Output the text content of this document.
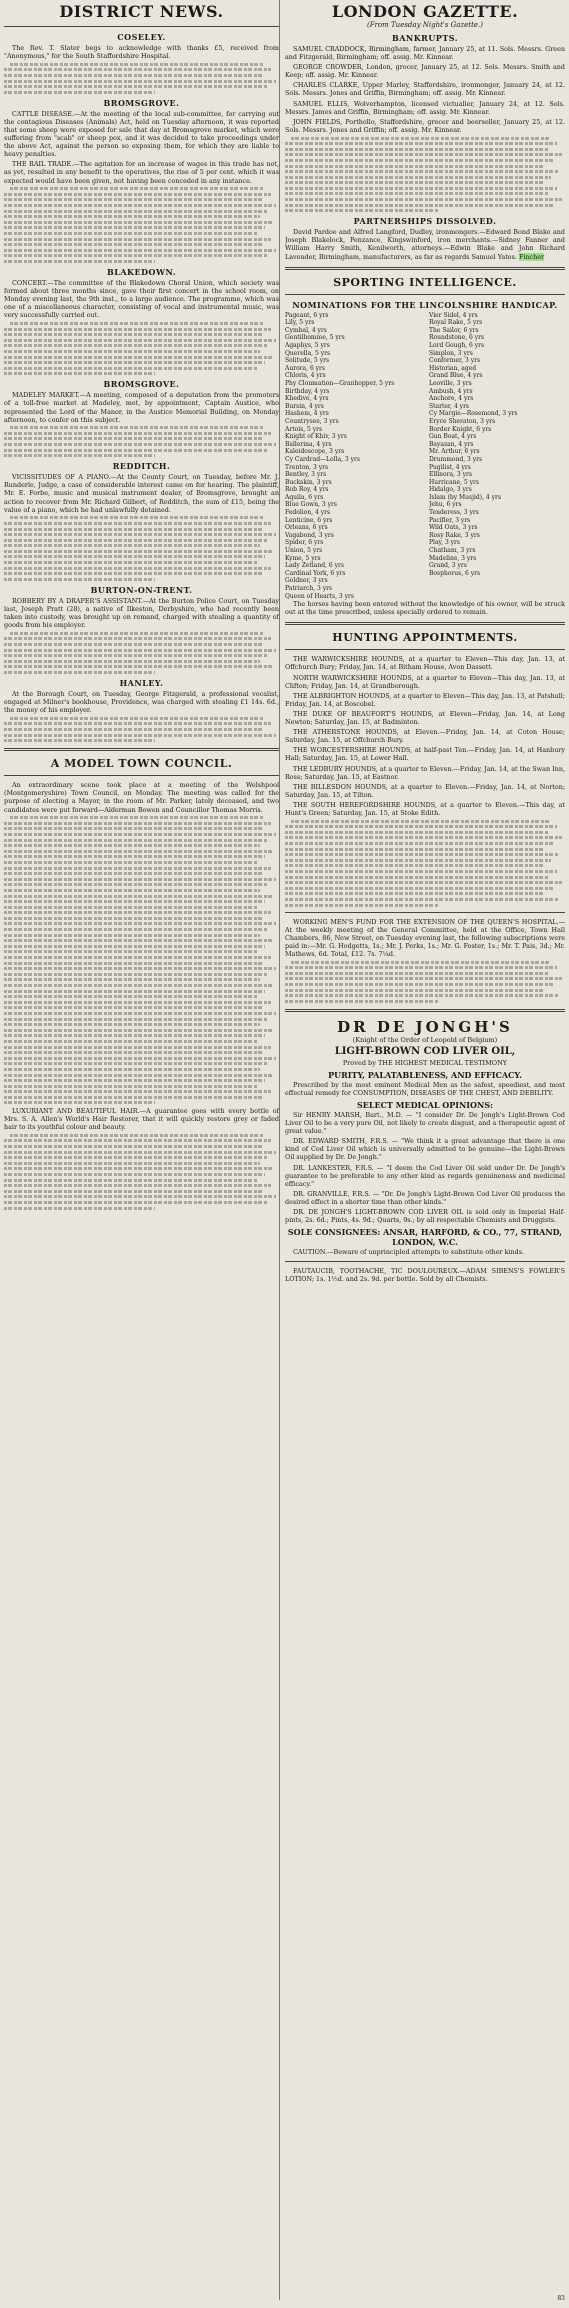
DISTRICT NEWS.
COSELEY.

The Rev. T. Slater begs to acknowledge with thanks £5, received from "Anonymous," for the South Staffordshire Hospital.

BROMSGROVE.

CATTLE DISEASE.—At the meeting of the local sub-committee, for carrying out the contagious Diseases (Animals) Act, held on Tuesday afternoon, it was reported that some sheep were exposed for sale that day at Bromsgrove market, which were suffering from "scab" or sheep pox, and it was decided to take proceedings under the above Act, against the person so exposing them, for which they are liable to heavy penalties.

THE RAIL TRADE.—The agitation for an increase of wages in this trade has not, as yet, resulted in any benefit to the operatives, the rise of 5 per cent. which it was expected would have been given, not having been conceded in any instance.

BLAKEDOWN.

CONCERT.—The committee of the Blakedown Choral Union, which society was formed about three months since, gave their first concert in the school room, on Monday evening last, the 9th inst., to a large audience. The programme, which was one of a miscellaneous character, consisting of vocal and instrumental music, was very successfully carried out.

BROMSGROVE.

MADELEY MARKET.—A meeting, composed of a deputation from the promoters of a toll-free market at Madeley, met, by appointment, Captain Austice, who represented the Lord of the Manor, in the Austice Memorial Building, on Monday afternoon, to confer on this subject.

REDDITCH.

VICISSITUDES OF A PIANO.—At the County Court, on Tuesday, before Mr. J. Runderle, Judge, a case of considerable interest came on for hearing. The plaintiff, Mr. E. Forbe, music and musical instrument dealer, of Bromsgrove, brought an action to recover from Mr. Richard Gilbert, of Redditch, the sum of £15, being the value of a piano, which he had unlawfully detained.

BURTON-ON-TRENT.

ROBBERY BY A DRAPER'S ASSISTANT.—At the Burton Police Court, on Tuesday last, Joseph Pratt (28), a native of Ilkeston, Derbyshire, who had recently been taken into custody, was brought up on remand, charged with stealing a quantity of goods from his employer.

HANLEY.

At the Borough Court, on Tuesday, George Fitzgerald, a professional vocalist, engaged at Milner's bookhouse, Providence, was charged with stealing £1 14s. 6d., the money of his employer.

A MODEL TOWN COUNCIL.

An extraordinary scene took place at a meeting of the Welshpool (Montgomeryshire) Town Council, on Monday. The meeting was called for the purpose of electing a Mayor, in the room of Mr. Parker, lately deceased, and two candidates were put forward—Alderman Bowen and Councillor Thomas Morris.

LUXURIANT AND BEAUTIFUL HAIR.—A guarantee goes with every bottle of Mrs. S. A. Allen's World's Hair Restorer, that it will quickly restore grey or faded hair to its youthful colour and beauty.

83
LONDON GAZETTE.
(From Tuesday Night's Gazette.)
BANKRUPTS.

SAMUEL CRADDOCK, Birmingham, farmer, January 25, at 11. Sols. Messrs. Green and Fitzgerald, Birmingham; off. assig. Mr. Kinnear.

GEORGE CROWDER, London, grocer, January 25, at 12. Sols. Messrs. Smith and Keep; off. assig. Mr. Kinnear.

CHARLES CLARKE, Upper Marley, Staffordshire, ironmonger, January 24, at 12. Sols. Messrs. Jones and Griffin, Birmingham; off. assig. Mr. Kinnear.

SAMUEL ELLIS, Wolverhampton, licensed victualler, January 24, at 12. Sols. Messrs. James and Griffin, Birmingham; off. assig. Mr. Kinnear.

JOHN FIELDS, Porthollo, Staffordshire, grocer and beerseller, January 25, at 12. Sols. Messrs. Jones and Griffin; off. assig. Mr. Kinnear.

PARTNERSHIPS DISSOLVED.

David Pardoe and Alfred Langford, Dudley, ironmongers.—Edward Bond Blake and Joseph Blakelock, Penzance, Kingswinford, iron merchants.—Sidney Fanner and William Harry Smith, Kenilworth, attorneys.—Edwin Blake and John Richard Lavender, Birmingham, manufacturers, as far as regards Samuel Yates. Fincher

SPORTING INTELLIGENCE.
NOMINATIONS FOR THE LINCOLNSHIRE HANDICAP.
Pageant, 6 yrs
Lily, 5 yrs
Cymbal, 4 yrs
Gentilhomme, 5 yrs
Agaphys, 5 yrs
Querella, 5 yrs
Solitude, 5 yrs
Aurora, 6 yrs
Chloris, 4 yrs
Phy Clonmation—Granhopper, 5 yrs
Birthday, 4 yrs
Khedive, 4 yrs
Bursin, 4 yrs
Hashem, 4 yrs
Countrysee, 3 yrs
Artois, 5 yrs
Knight of Khiv, 3 yrs
Ballerina, 4 yrs
Kaleidoscope, 3 yrs
Cy Cardrad—Lolla, 3 yrs
Trenton, 3 yrs
Bentley, 3 yrs
Buckskin, 3 yrs
Rob Roy, 4 yrs
Aquila, 6 yrs
Blue Gown, 3 yrs
Fedolion, 4 yrs
Lenticine, 6 yrs
Orleans, 6 yrs
Vagabond, 3 yrs
Spider, 6 yrs
Union, 5 yrs
Kyme, 5 yrs
Lady Zetland, 6 yrs
Cardinal York, 6 yrs
Goldner, 3 yrs
Patriarch, 3 yrs
Queen of Hearts, 3 yrs
Vier Sidel, 4 yrs
Royal Rake, 5 yrs
The Sailor, 6 yrs
Roundstone, 6 yrs
Lord Gough, 6 yrs
Simplon, 3 yrs
Conformer, 3 yrs
Historian, aged
Grand Blue, 4 yrs
Leoville, 3 yrs
Ambush, 4 yrs
Anchore, 4 yrs
Starter, 4 yrs
Cy Margie—Rosemond, 3 yrs
Eryce Sheraton, 3 yrs
Border Knight, 6 yrs
Gun Boat, 4 yrs
Bayazan, 4 yrs
Mr. Arthur, 6 yrs
Drummond, 3 yrs
Pugilist, 4 yrs
Ellinora, 3 yrs
Hurricane, 5 yrs
Hidalgo, 3 yrs
Islam (by Musjid), 4 yrs
Jehu, 6 yrs
Tenderess, 3 yrs
Pacifier, 3 yrs
Wild Oats, 3 yrs
Rosy Rake, 3 yrs
Play, 3 yrs
Chatham, 3 yrs
Madeline, 3 yrs
Grand, 3 yrs
Bosphorus, 6 yrs

The horses having been entered without the knowledge of his owner, will be struck out at the time prescribed, unless specially ordered to remain.

HUNTING APPOINTMENTS.

THE WARWICKSHIRE HOUNDS, at a quarter to Eleven—This day, Jan. 13, at Offchurch Bury; Friday, Jan. 14, at Bitham House, Avon Dassett.

NORTH WARWICKSHIRE HOUNDS, at a quarter to Eleven—This day, Jan. 13, at Clifton; Friday, Jan. 14, at Grandborough.

THE ALBRIGHTON HOUNDS, at a quarter to Eleven—This day, Jan. 13, at Patshull; Friday, Jan. 14, at Boscobel.

THE DUKE OF BEAUFORT'S HOUNDS, at Eleven—Friday, Jan. 14, at Long Newton; Saturday, Jan. 15, at Badminton.

THE ATHERSTONE HOUNDS, at Eleven.—Friday, Jan. 14, at Coton House; Saturday, Jan. 15, at Offchurch Bury.

THE WORCESTERSHIRE HOUNDS, at half-past Ten.—Friday, Jan. 14, at Hanbury Hall; Saturday, Jan. 15, at Lower Hall.

THE LEDBURY HOUNDS, at a quarter to Eleven.—Friday, Jan. 14, at the Swan Inn, Ross; Saturday, Jan. 15, at Eastnor.

THE BILLESDON HOUNDS, at a quarter to Eleven.—Friday, Jan. 14, at Norton; Saturday, Jan. 15, at Tilton.

THE SOUTH HEREFORDSHIRE HOUNDS, at a quarter to Eleven.—This day, at Hunt's Green; Saturday, Jan. 15, at Stoke Edith.

WORKING MEN'S FUND FOR THE EXTENSION OF THE QUEEN'S HOSPITAL.—At the weekly meeting of the General Committee, held at the Office, Town Hall Chambers, 86, New Street, on Tuesday evening last, the following subscriptions were paid in:—Mr. G. Hodgetts, 1s.; Mr. J. Perks, 1s.; Mr. G. Foster, 1s.; Mr. T. Pais, 3d.; Mr. Mathews, 6d. Total, £12. 7s. 7¼d.

DR DE JONGH'S
(Knight of the Order of Leopold of Belgium)
LIGHT-BROWN COD LIVER OIL,
Proved by THE HIGHEST MEDICAL TESTIMONY
PURITY, PALATABLENESS, AND EFFICACY.

Prescribed by the most eminent Medical Men as the safest, speediest, and most effectual remedy for CONSUMPTION, DISEASES OF THE CHEST, AND DEBILITY.

SELECT MEDICAL OPINIONS:

Sir HENRY MARSH, Bart., M.D. — "I consider Dr. De Jongh's Light-Brown Cod Liver Oil to be a very pure Oil, not likely to create disgust, and a therapeutic agent of great value."

DR. EDWARD SMITH, F.R.S. — "We think it a great advantage that there is one kind of Cod Liver Oil which is universally admitted to be genuine—the Light-Brown Oil supplied by Dr. De Jongh."

DR. LANKESTER, F.R.S. — "I deem the Cod Liver Oil sold under Dr. De Jongh's guarantee to be preferable to any other kind as regards genuineness and medicinal efficacy."

DR. GRANVILLE, F.R.S. — "Dr. De Jongh's Light-Brown Cod Liver Oil produces the desired effect in a shorter time than other kinds."

DR. DE JONGH'S LIGHT-BROWN COD LIVER OIL is sold only in Imperial Half-pints, 2s. 6d.; Pints, 4s. 9d.; Quarts, 9s.; by all respectable Chemists and Druggists.

SOLE CONSIGNEES: ANSAR, HARFORD, & CO., 77, STRAND, LONDON, W.C.

CAUTION.—Beware of unprincipled attempts to substitute other kinds.

FAUTAUCIB, TOOTHACHE, TIC DOULOUREUX.—ADAM SIBENS'S FOWLER'S LOTION; 1s. 1½d. and 2s. 9d. per bottle. Sold by all Chemists.
